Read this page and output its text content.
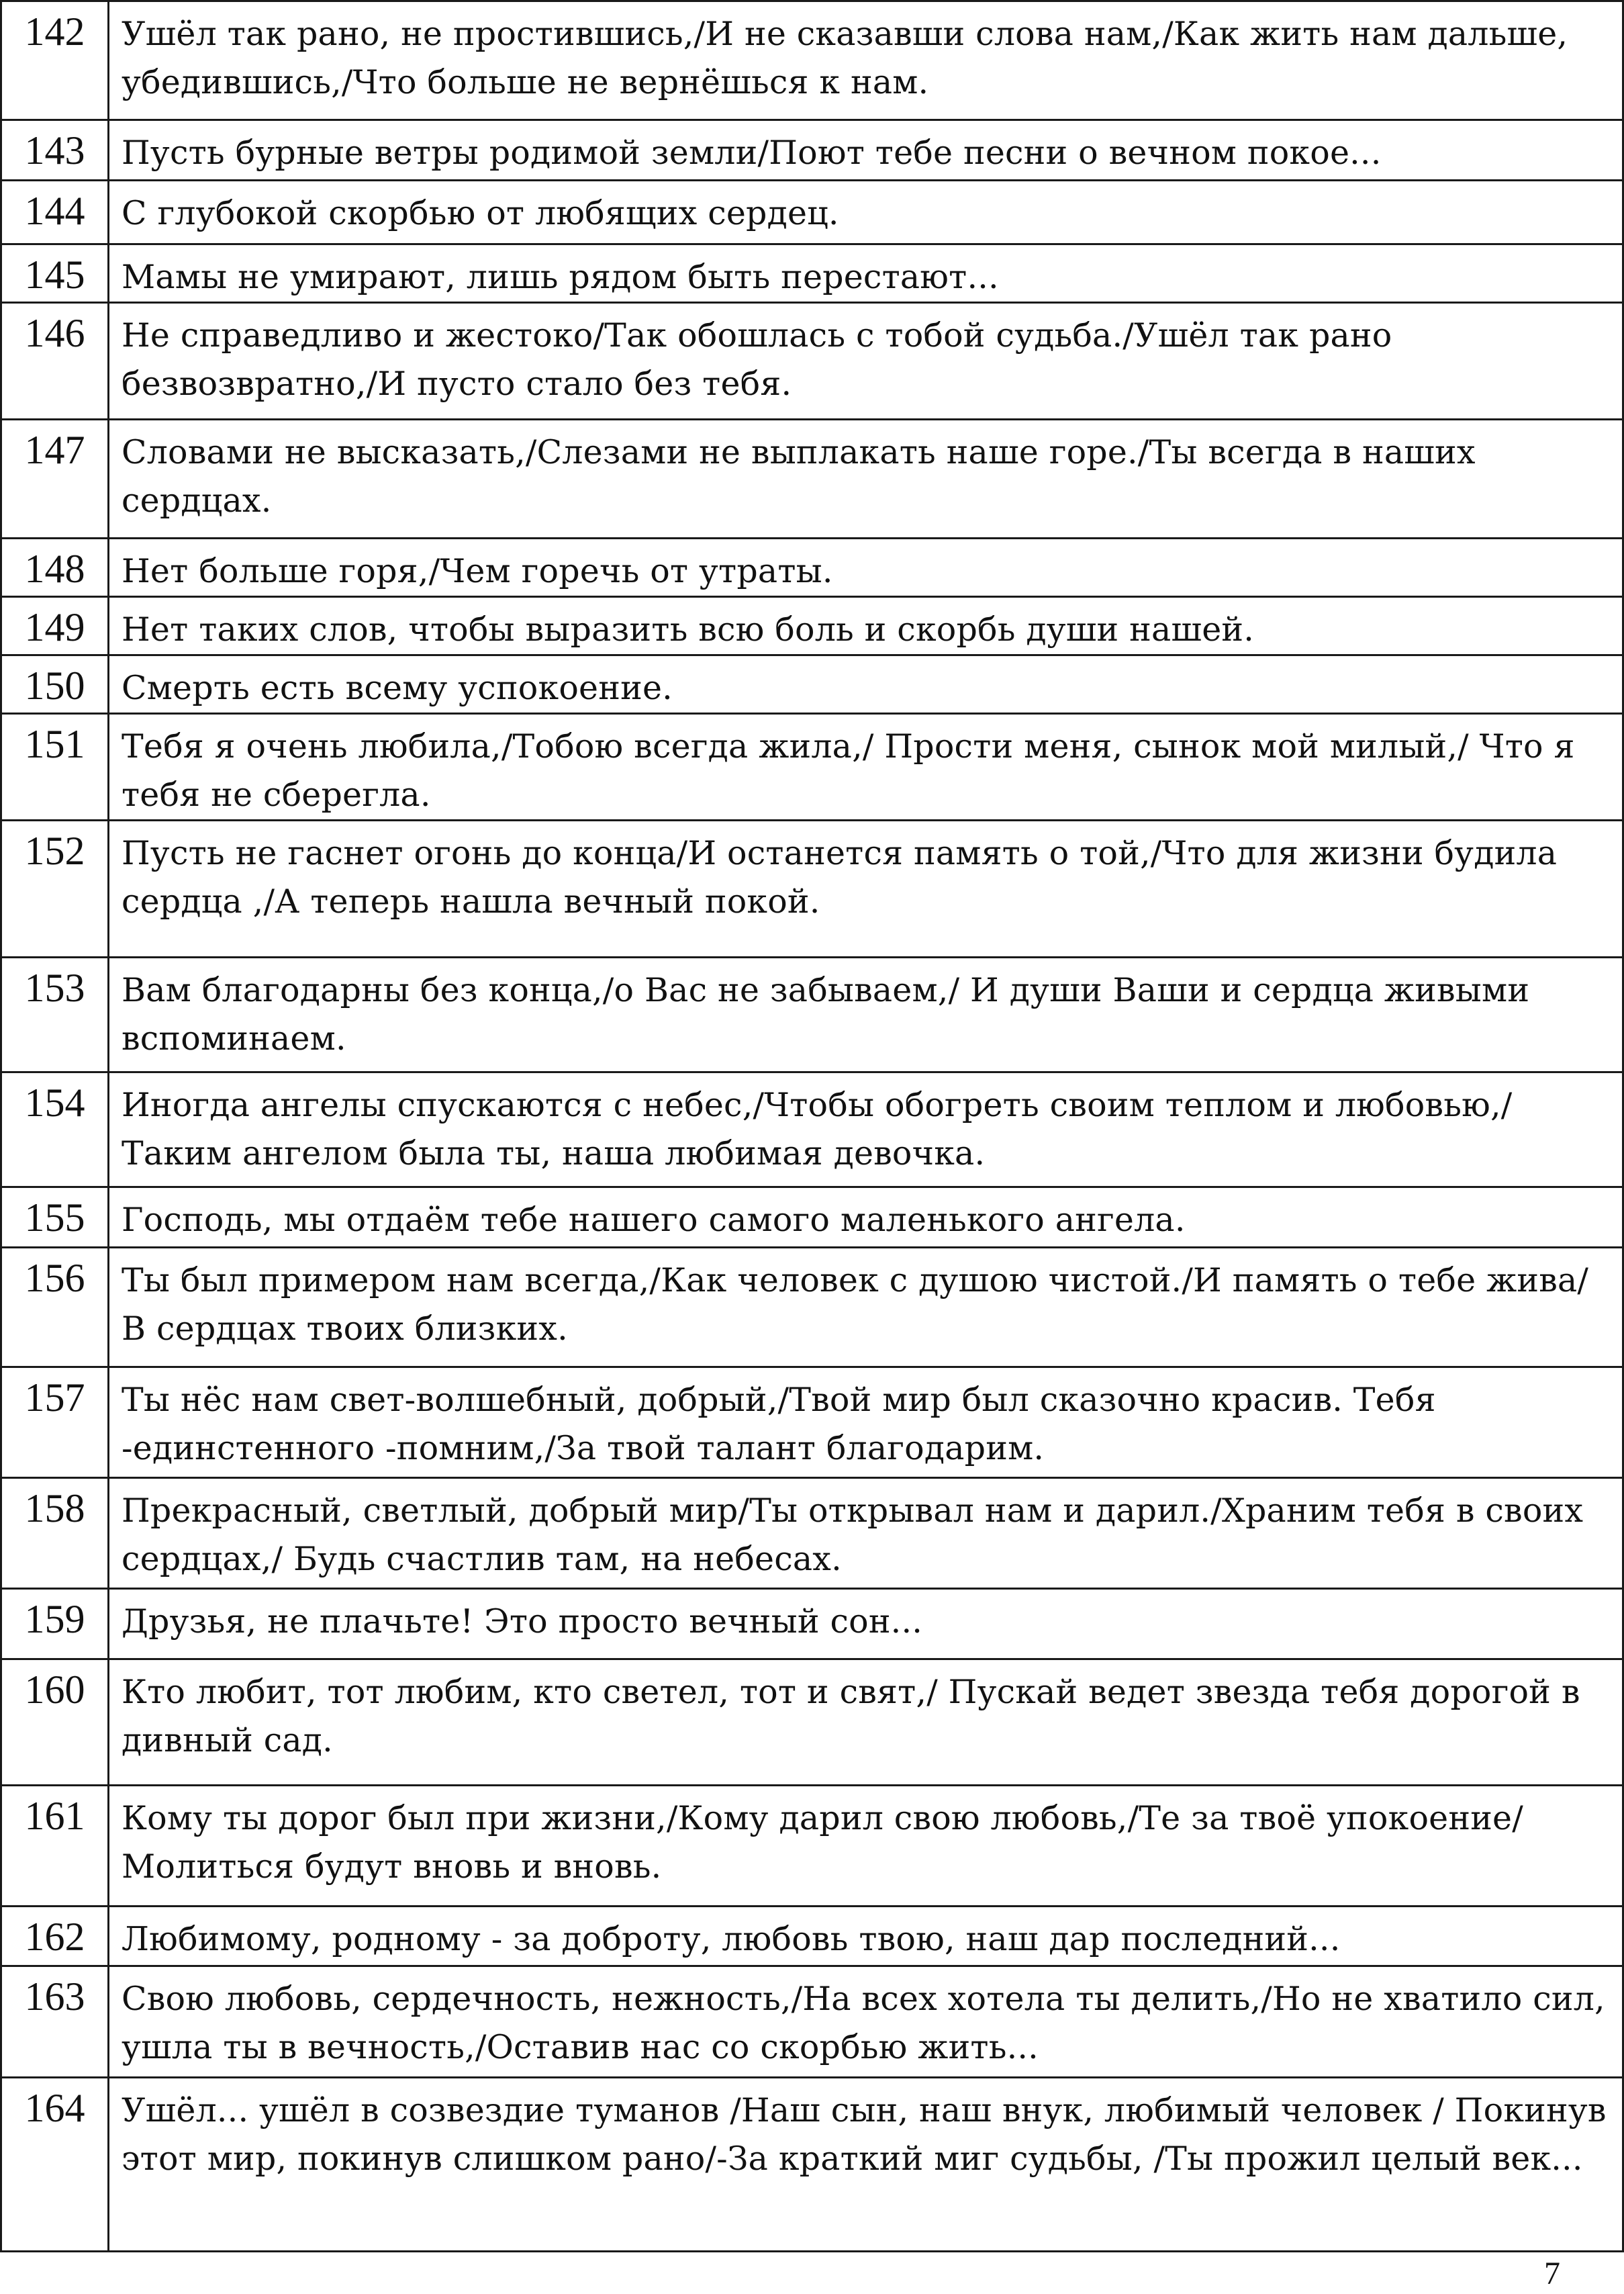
142	Ушёл так рано, не простившись,/И не сказавши слова нам,/Как жить нам дальше, убедившись,/Что больше не вернёшься к нам.
143	Пусть бурные ветры родимой земли/Поют тебе песни о вечном покое...
144	С глубокой скорбью от любящих сердец.
145	Мамы не умирают, лишь рядом быть перестают...
146	Не справедливо и жестоко/Так обошлась с тобой судьба./Ушёл так рано безвозвратно,/И пусто стало без тебя.
147	Словами не высказать,/Слезами не выплакать наше горе./Ты всегда в наших сердцах.
148	Нет больше горя,/Чем горечь от утраты.
149	Нет таких слов, чтобы выразить всю боль и скорбь души нашей.
150	Смерть есть всему успокоение.
151	Тебя я очень любила,/Тобою всегда жила,/ Прости меня, сынок мой милый,/ Что я тебя не сберегла.
152	Пусть не гаснет огонь до конца/И останется память о той,/Что для жизни будила сердца ,/А теперь нашла вечный покой.
153	Вам благодарны без конца,/о Вас не забываем,/ И души Ваши и сердца живыми вспоминаем.
154	Иногда ангелы спускаются с небес,/Чтобы обогреть своим теплом и любовью,/ Таким ангелом была ты, наша любимая девочка.
155	Господь, мы отдаём тебе нашего самого маленького ангела.
156	Ты был примером нам всегда,/Как человек с душою чистой./И память о тебе жива/ В сердцах твоих близких.
157	Ты нёс нам свет-волшебный, добрый,/Твой мир был сказочно красив. Тебя -единстенного -помним,/За твой талант благодарим.
158	Прекрасный, светлый, добрый мир/Ты открывал нам и дарил./Храним тебя в своих сердцах,/ Будь счастлив там, на небесах.
159	Друзья, не плачьте! Это просто вечный сон...
160	Кто любит, тот любим, кто светел, тот и свят,/ Пускай ведет звезда тебя дорогой в дивный сад.
161	Кому ты дорог был при жизни,/Кому дарил свою любовь,/Те за твоё упокоение/Молиться будут вновь и вновь.
162	Любимому, родному - за доброту, любовь твою, наш дар последний...
163	Свою любовь, сердечность, нежность,/На всех хотела ты делить,/Но не хватило сил, ушла ты в вечность,/Оставив нас со скорбью жить...
164	Ушёл... ушёл в созвездие туманов /Наш сын, наш внук, любимый человек / Покинув этот мир, покинув слишком рано/-За краткий миг судьбы, /Ты прожил целый век...
7
